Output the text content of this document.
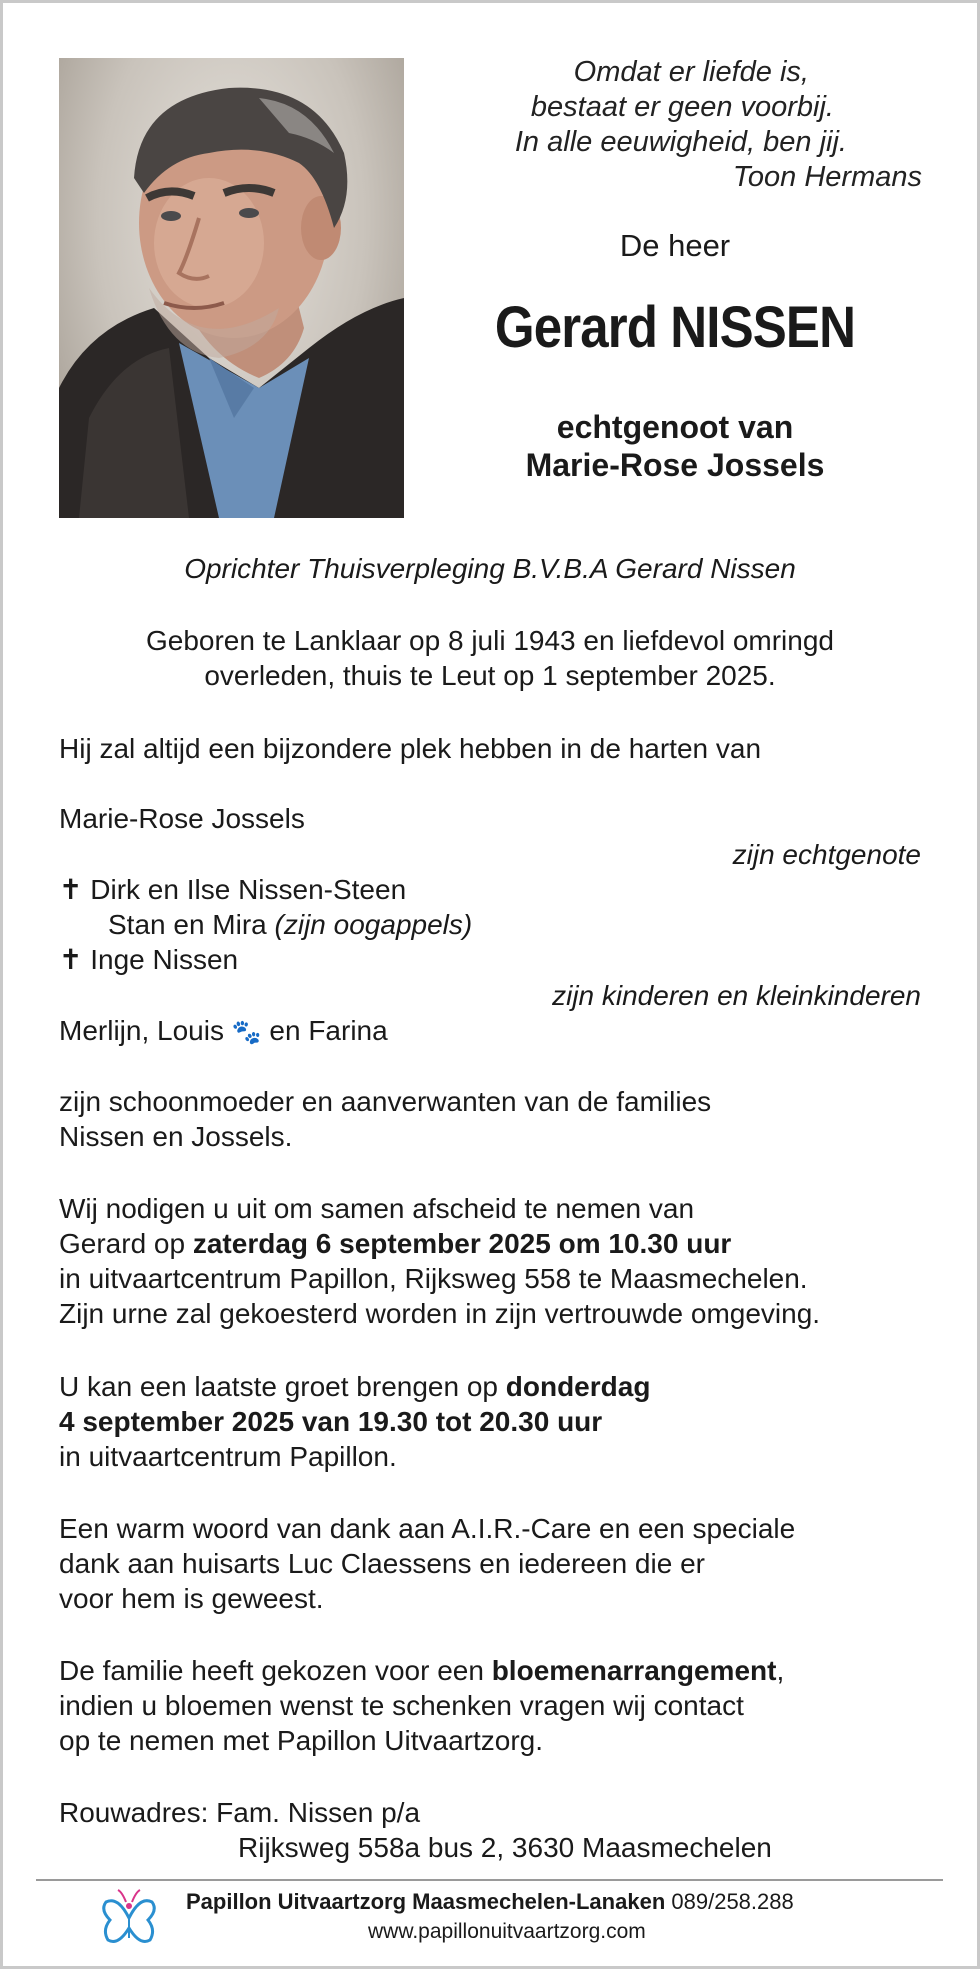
Omdat er liefde is,
bestaat er geen voorbij.
In alle eeuwigheid, ben jij.
Toon Hermans
De heer
Gerard NISSEN
echtgenoot van
Marie-Rose Jossels
Oprichter Thuisverpleging B.V.B.A Gerard Nissen
Geboren te Lanklaar op 8 juli 1943 en liefdevol omringd
overleden, thuis te Leut op 1 september 2025.
Hij zal altijd een bijzondere plek hebben in de harten van
Marie-Rose Jossels
zijn echtgenote
✝ Dirk en Ilse Nissen-Steen
Stan en Mira (zijn oogappels)
✝ Inge Nissen
zijn kinderen en kleinkinderen
Merlijn, Louis 🐾 en Farina
zijn schoonmoeder en aanverwanten van de families
Nissen en Jossels.
Wij nodigen u uit om samen afscheid te nemen van
Gerard op zaterdag 6 september 2025 om 10.30 uur
in uitvaartcentrum Papillon, Rijksweg 558 te Maasmechelen.
Zijn urne zal gekoesterd worden in zijn vertrouwde omgeving.
U kan een laatste groet brengen op donderdag
4 september 2025 van 19.30 tot 20.30 uur
in uitvaartcentrum Papillon.
Een warm woord van dank aan A.I.R.-Care en een speciale
dank aan huisarts Luc Claessens en iedereen die er
voor hem is geweest.
De familie heeft gekozen voor een bloemenarrangement,
indien u bloemen wenst te schenken vragen wij contact
op te nemen met Papillon Uitvaartzorg.
Rouwadres: Fam. Nissen p/a
Rijksweg 558a bus 2, 3630 Maasmechelen
Papillon Uitvaartzorg Maasmechelen-Lanaken 089/258.288
www.papillonuitvaartzorg.com
